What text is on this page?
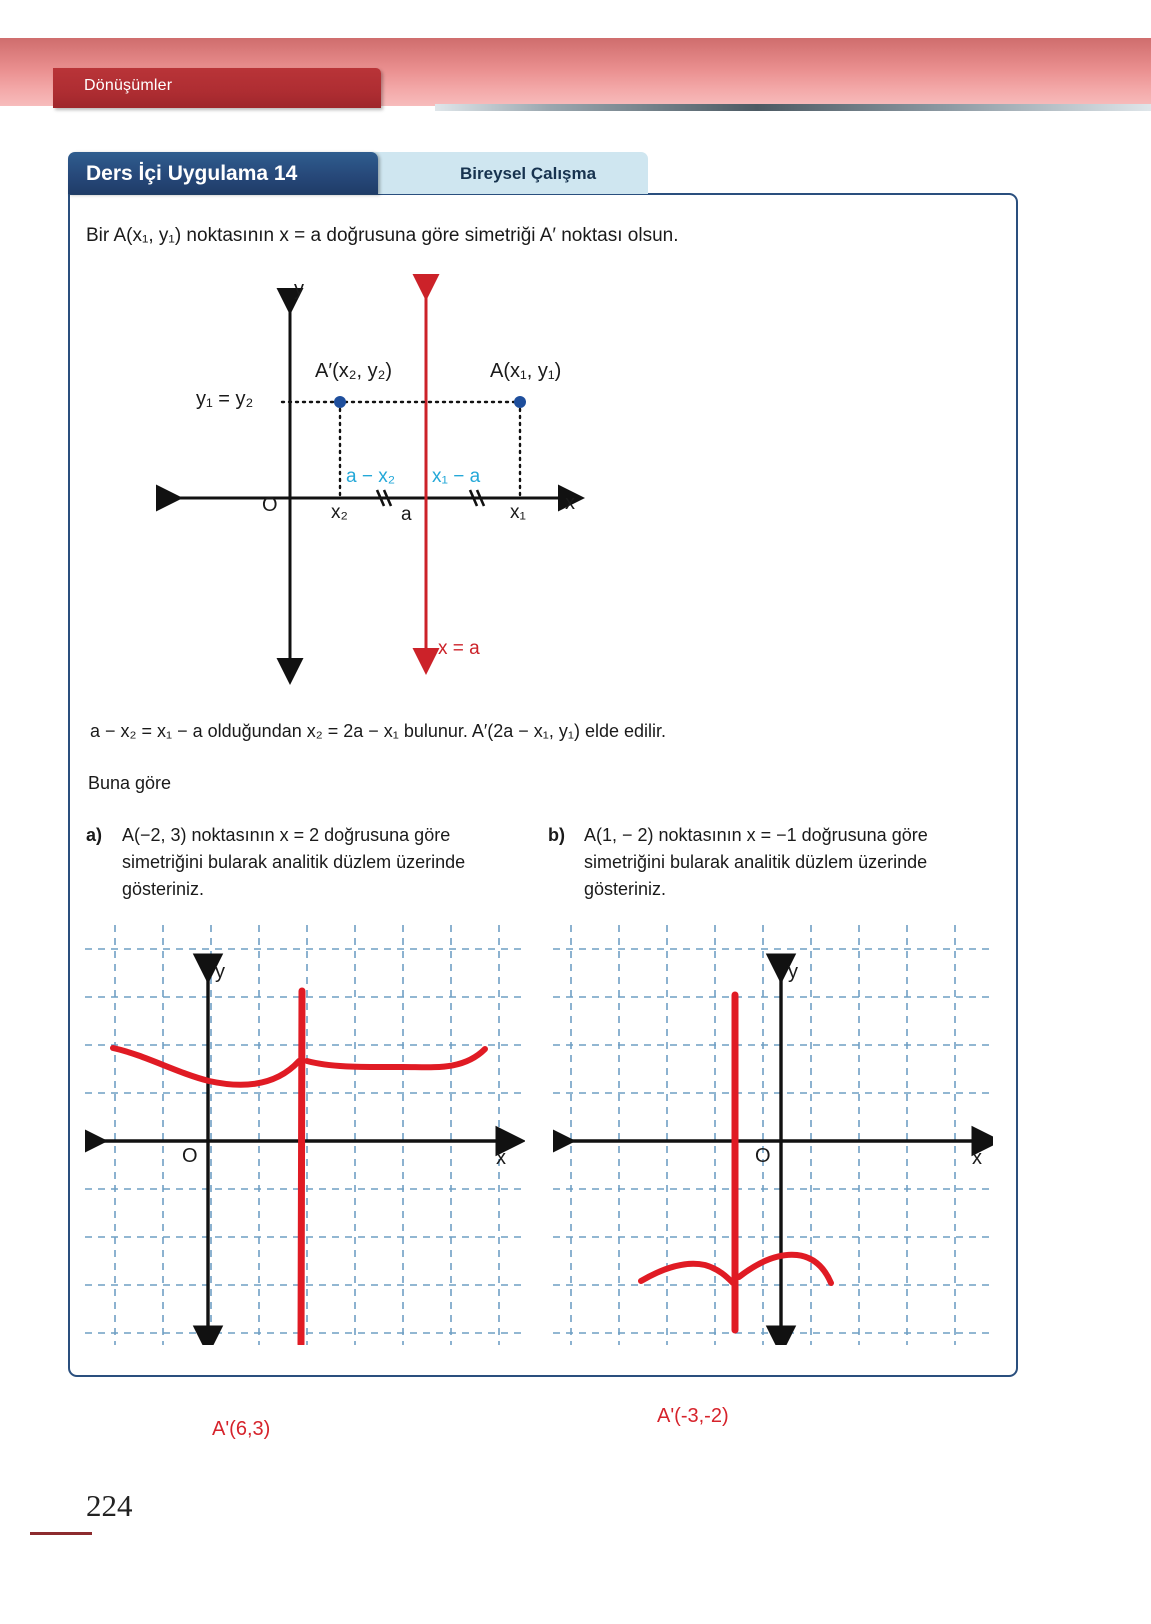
Dönüşümler
Bireysel Çalışma
Ders İçi Uygulama 14
Bir A(x₁, y₁) noktasının x = a doğrusuna göre simetriği A′ noktası olsun.
y
x
O
y₁ = y₂
A′(x₂, y₂)	A(x₁, y₁)
x₂	a	x₁
a − x₂ x₁ − a
x = a
a − x₂ = x₁ − a olduğundan x₂ = 2a − x₁ bulunur. A′(2a − x₁, y₁) elde edilir.
Buna göre
a) A(−2, 3) noktasının x = 2 doğrusuna göre simetriğini bularak analitik düzlem üzerinde gösteriniz.
b) A(1, − 2) noktasının x = −1 doğrusuna göre simetriğini bularak analitik düzlem üzerinde gösteriniz.
y
O	x
y
O	x
A'(6,3)
A'(-3,-2)
224
